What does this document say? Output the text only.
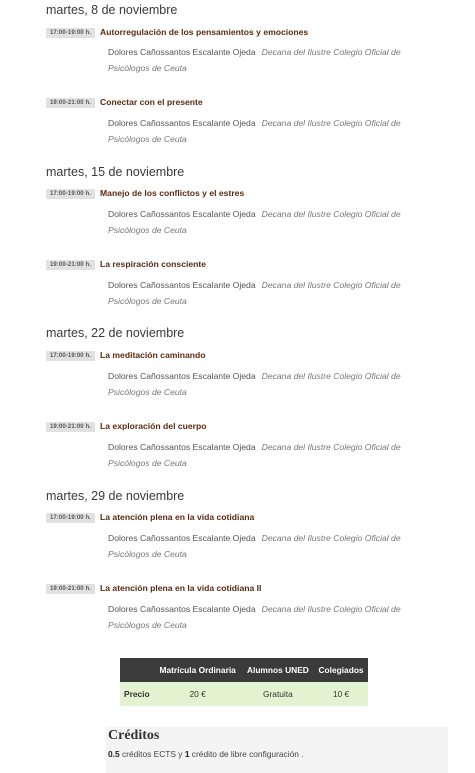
martes, 8 de noviembre
17:00-19:00 h.	Autorregulación de los pensamientos y emociones
Dolores Cañossantos Escalante Ojeda Decana del Ilustre Colegio Oficial de Psicólogos de Ceuta
19:00-21:00 h.	Conectar con el presente
Dolores Cañossantos Escalante Ojeda Decana del Ilustre Colegio Oficial de Psicólogos de Ceuta
martes, 15 de noviembre
17:00-19:00 h.	Manejo de los conflictos y el estres
Dolores Cañossantos Escalante Ojeda Decana del Ilustre Colegio Oficial de Psicólogos de Ceuta
19:00-21:00 h.	La respiración consciente
Dolores Cañossantos Escalante Ojeda Decana del Ilustre Colegio Oficial de Psicólogos de Ceuta
martes, 22 de noviembre
17:00-19:00 h.	La meditación caminando
Dolores Cañossantos Escalante Ojeda Decana del Ilustre Colegio Oficial de Psicólogos de Ceuta
19:00-21:00 h.	La exploración del cuerpo
Dolores Cañossantos Escalante Ojeda Decana del Ilustre Colegio Oficial de Psicólogos de Ceuta
martes, 29 de noviembre
17:00-19:00 h.	La atención plena en la vida cotidiana
Dolores Cañossantos Escalante Ojeda Decana del Ilustre Colegio Oficial de Psicólogos de Ceuta
19:00-21:00 h.	La atención plena en la vida cotidiana II
Dolores Cañossantos Escalante Ojeda Decana del Ilustre Colegio Oficial de Psicólogos de Ceuta
	Matrícula Ordinaria	Alumnos UNED	Colegiados
Precio	20 €	Gratuita	10 €
Créditos
0.5 créditos ECTS y 1 crédito de libre configuración .
